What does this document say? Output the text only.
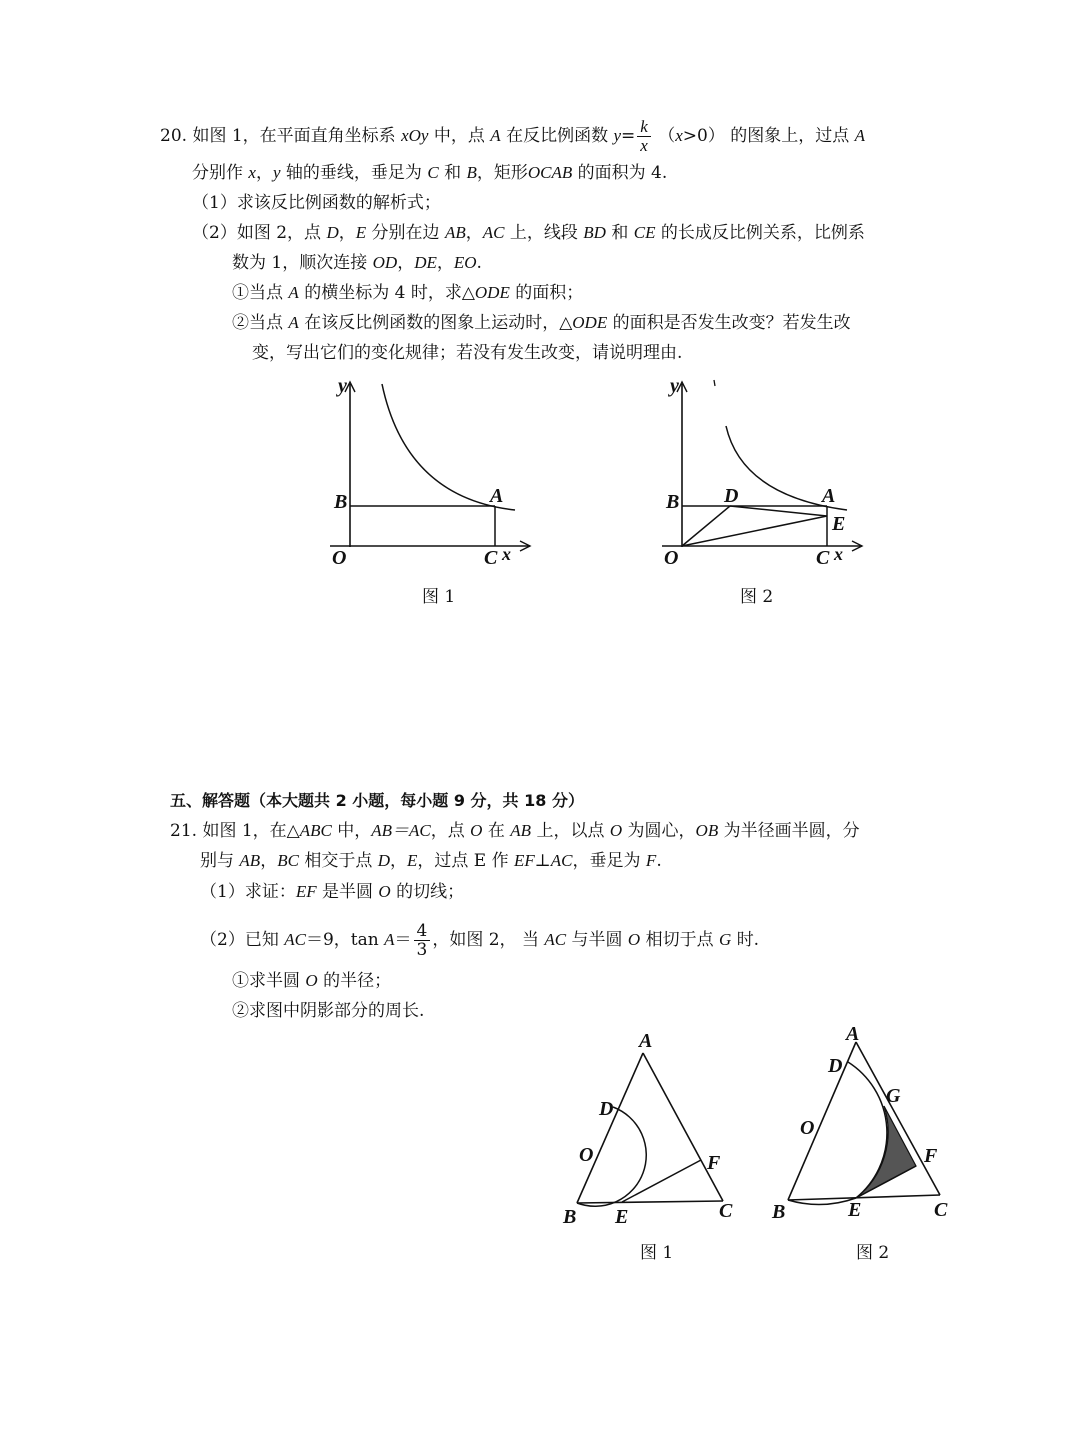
20. 如图 1，在平面直角坐标系 xOy 中，点 A 在反比例函数 $y= \frac{k}{x} (x>0)$ 的图象上，过点 A
分别作 x，y 轴的垂线，垂足为 C 和 B，矩形OCAB 的面积为 4.
（1）求该反比例函数的解析式；
（2）如图 2，点 D，E 分别在边 AB，AC 上，线段 BD 和 CE 的长成反比例关系，比例系
数为 1，顺次连接 OD，DE，EO.
①当点 A 的横坐标为 4 时，求△ODE 的面积；
②当点 A 在该反比例函数的图象上运动时，△ODE 的面积是否发生改变？若发生改
变，写出它们的变化规律；若没有发生改变，请说明理由.
y
B	A
O	C x
图 1
y
B D	A
E
O	C x
图 2
五、解答题（本大题共 2 小题，每小题 9 分，共 18 分）
21. 如图 1，在△ABC 中，AB＝AC，点 O 在 AB 上，以点 O 为圆心，OB 为半径画半圆，分
别与 AB，BC 相交于点 D，E，过点 E 作 EF⊥AC，垂足为 F.
（1）求证：EF 是半圆 O 的切线；
（2）已知 AC＝9，$\tan A= \frac{4}{3}$ ，如图 2， 当 AC 与半圆 O 相切于点 G 时.
①求半圆 O 的半径；
②求图中阴影部分的周长.
A
D
O	F
B E	C
图 1
A
D
G
O
F
B	E	C
图 2
